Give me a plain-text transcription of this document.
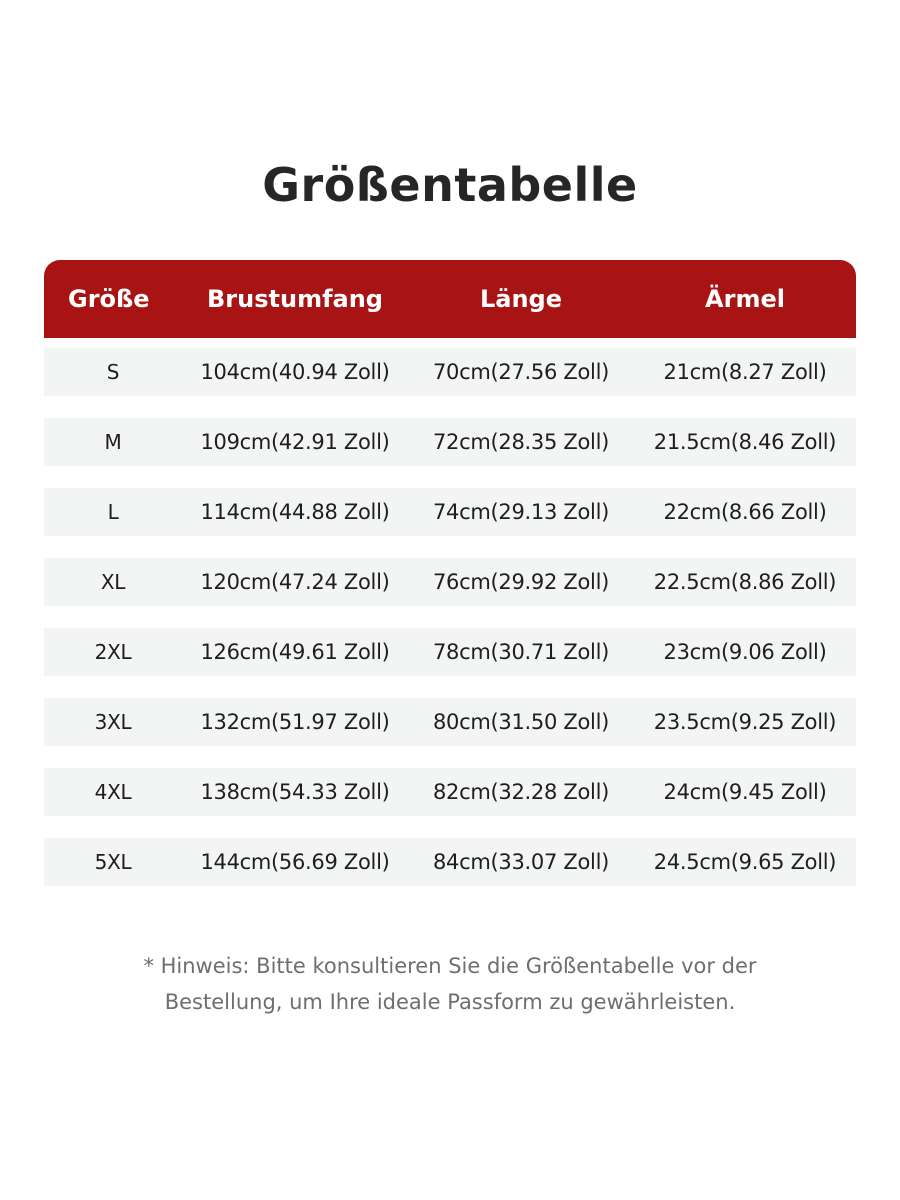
Größentabelle
Größe	Brustumfang	Länge	Ärmel
S	104cm(40.94 Zoll)	70cm(27.56 Zoll)	21cm(8.27 Zoll)
M	109cm(42.91 Zoll)	72cm(28.35 Zoll)	21.5cm(8.46 Zoll)
L	114cm(44.88 Zoll)	74cm(29.13 Zoll)	22cm(8.66 Zoll)
XL	120cm(47.24 Zoll)	76cm(29.92 Zoll)	22.5cm(8.86 Zoll)
2XL	126cm(49.61 Zoll)	78cm(30.71 Zoll)	23cm(9.06 Zoll)
3XL	132cm(51.97 Zoll)	80cm(31.50 Zoll)	23.5cm(9.25 Zoll)
4XL	138cm(54.33 Zoll)	82cm(32.28 Zoll)	24cm(9.45 Zoll)
5XL	144cm(56.69 Zoll)	84cm(33.07 Zoll)	24.5cm(9.65 Zoll)
* Hinweis: Bitte konsultieren Sie die Größentabelle vor der
Bestellung, um Ihre ideale Passform zu gewährleisten.
